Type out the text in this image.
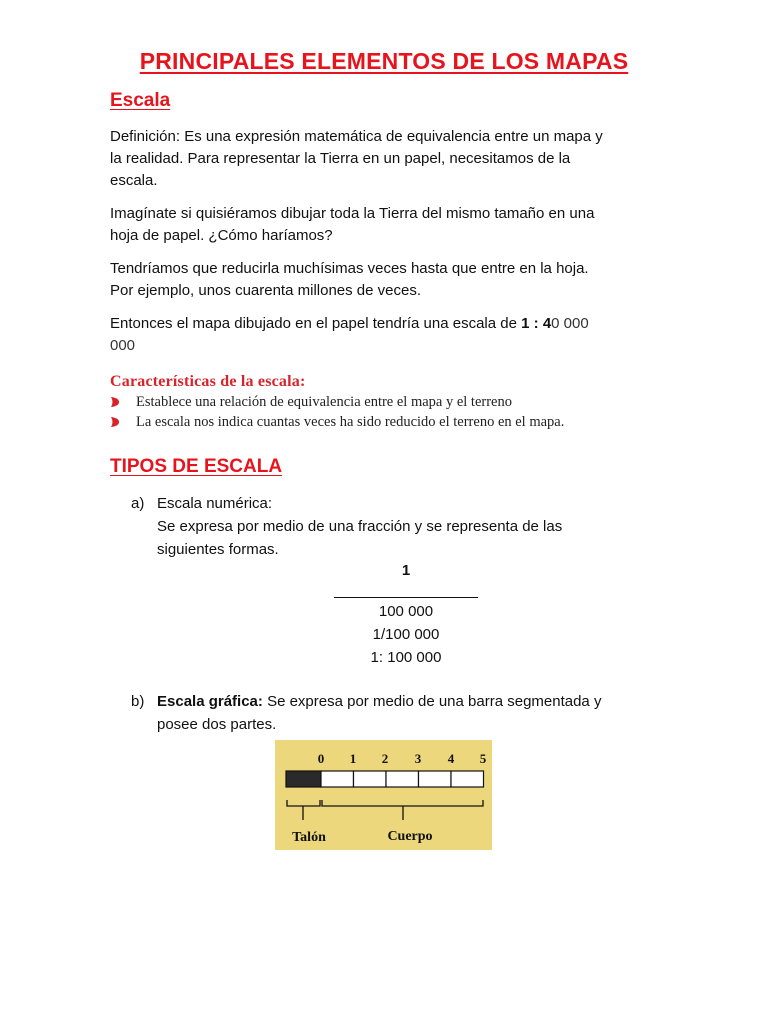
PRINCIPALES ELEMENTOS DE LOS MAPAS
Escala
Definición: Es una expresión matemática de equivalencia entre un mapa y
la realidad. Para representar la Tierra en un papel, necesitamos de la
escala.
Imagínate si quisiéramos dibujar toda la Tierra del mismo tamaño en una
hoja de papel. ¿Cómo haríamos?
Tendríamos que reducirla muchísimas veces hasta que entre en la hoja.
Por ejemplo, unos cuarenta millones de veces.
Entonces el mapa dibujado en el papel tendría una escala de 1 : 40 000
000
Características de la escala:
Establece una relación de equivalencia entre el mapa y el terreno
La escala nos indica cuantas veces ha sido reducido el terreno en el mapa.
TIPOS DE ESCALA
a) Escala numérica:
Se expresa por medio de una fracción y se representa de las
siguientes formas.
1
100 000
1/100 000
1: 100 000
b) Escala gráfica: Se expresa por medio de una barra segmentada y
posee dos partes.
0 1 2 3 4 5
Talón	Cuerpo
